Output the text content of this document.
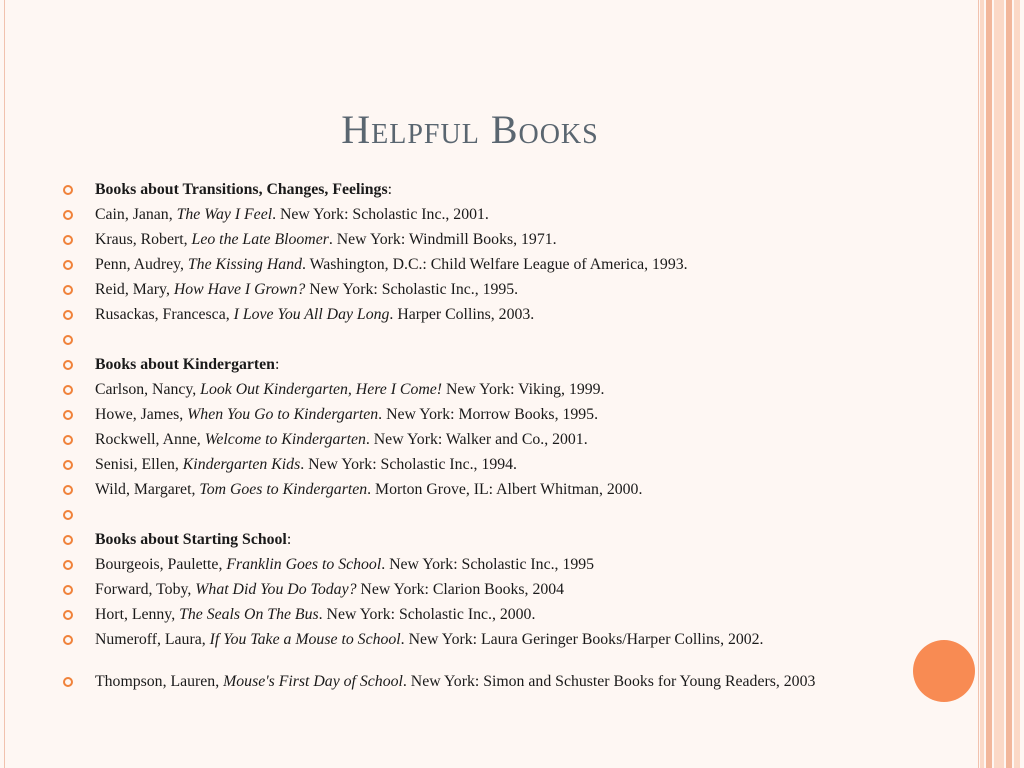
Helpful Books
Books about Transitions, Changes, Feelings:
Cain, Janan, The Way I Feel. New York: Scholastic Inc., 2001.
Kraus, Robert, Leo the Late Bloomer. New York: Windmill Books, 1971.
Penn, Audrey, The Kissing Hand. Washington, D.C.: Child Welfare League of America, 1993.
Reid, Mary, How Have I Grown? New York: Scholastic Inc., 1995.
Rusackas, Francesca, I Love You All Day Long. Harper Collins, 2003.
Books about Kindergarten:
Carlson, Nancy, Look Out Kindergarten, Here I Come! New York: Viking, 1999.
Howe, James, When You Go to Kindergarten. New York: Morrow Books, 1995.
Rockwell, Anne, Welcome to Kindergarten. New York: Walker and Co., 2001.
Senisi, Ellen, Kindergarten Kids. New York: Scholastic Inc., 1994.
Wild, Margaret, Tom Goes to Kindergarten. Morton Grove, IL: Albert Whitman, 2000.
Books about Starting School:
Bourgeois, Paulette, Franklin Goes to School. New York: Scholastic Inc., 1995
Forward, Toby, What Did You Do Today? New York: Clarion Books, 2004
Hort, Lenny, The Seals On The Bus. New York: Scholastic Inc., 2000.
Numeroff, Laura, If You Take a Mouse to School. New York: Laura Geringer Books/Harper Collins, 2002.
Thompson, Lauren, Mouse's First Day of School. New York: Simon and Schuster Books for Young Readers, 2003
